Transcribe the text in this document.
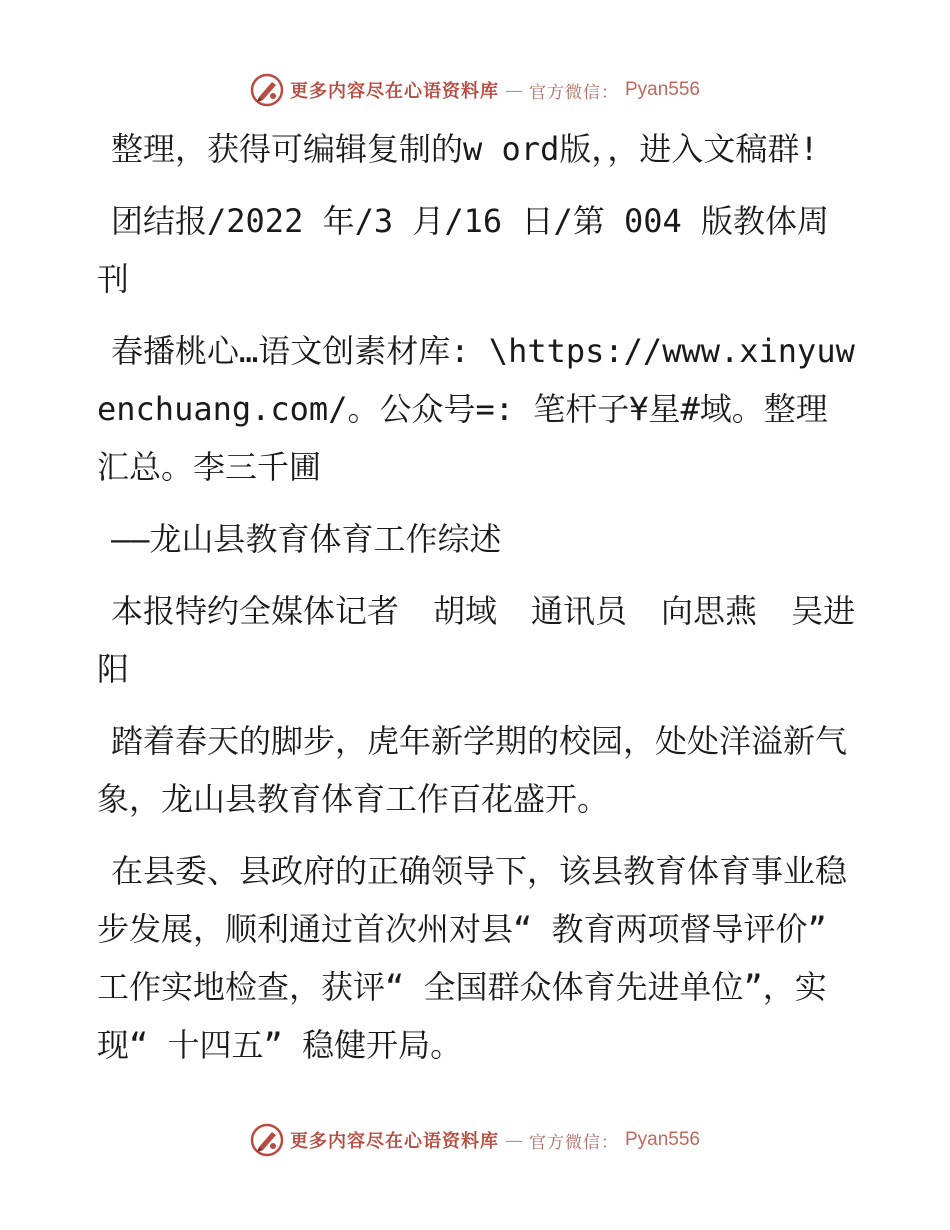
更多内容尽在心语资料库 — 官方微信： Pyan556

整理，获得可编辑复制的w ord版，，进入文稿群!

团结报/2022 年/3 月/16 日/第 004 版教体周刊

春播桃心…语文创素材库: \https://www.xinyuwenchuang.com/。公众号=: 笔杆子¥星#域。整理汇总。李三千圃

——龙山县教育体育工作综述

本报特约全媒体记者 胡域 通讯员 向思燕 吴进阳

踏着春天的脚步，虎年新学期的校园，处处洋溢新气象，龙山县教育体育工作百花盛开。

在县委、县政府的正确领导下，该县教育体育事业稳步发展，顺利通过首次州对县“ 教育两项督导评价” 工作实地检查，获评“ 全国群众体育先进单位”，实现“ 十四五” 稳健开局。

更多内容尽在心语资料库 — 官方微信： Pyan556
